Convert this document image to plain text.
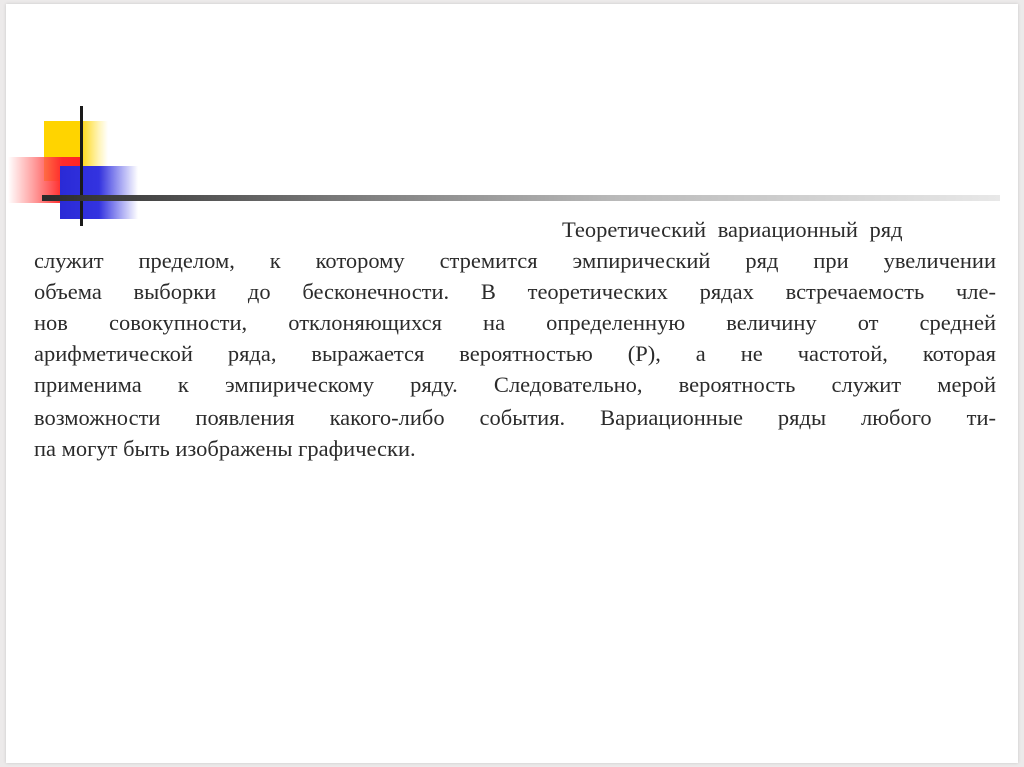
Теоретический вариационный ряд
служит пределом, к которому стремится эмпирический ряд при увеличении
объема выборки до бесконечности. В теоретических рядах встречаемость чле-
нов совокупности, отклоняющихся на определенную величину от средней
арифметической ряда, выражается вероятностью (Р), а не частотой, которая
применима к эмпирическому ряду. Следовательно, вероятность служит мерой
возможности появления какого-либо события. Вариационные ряды любого ти-
па могут быть изображены графически.
